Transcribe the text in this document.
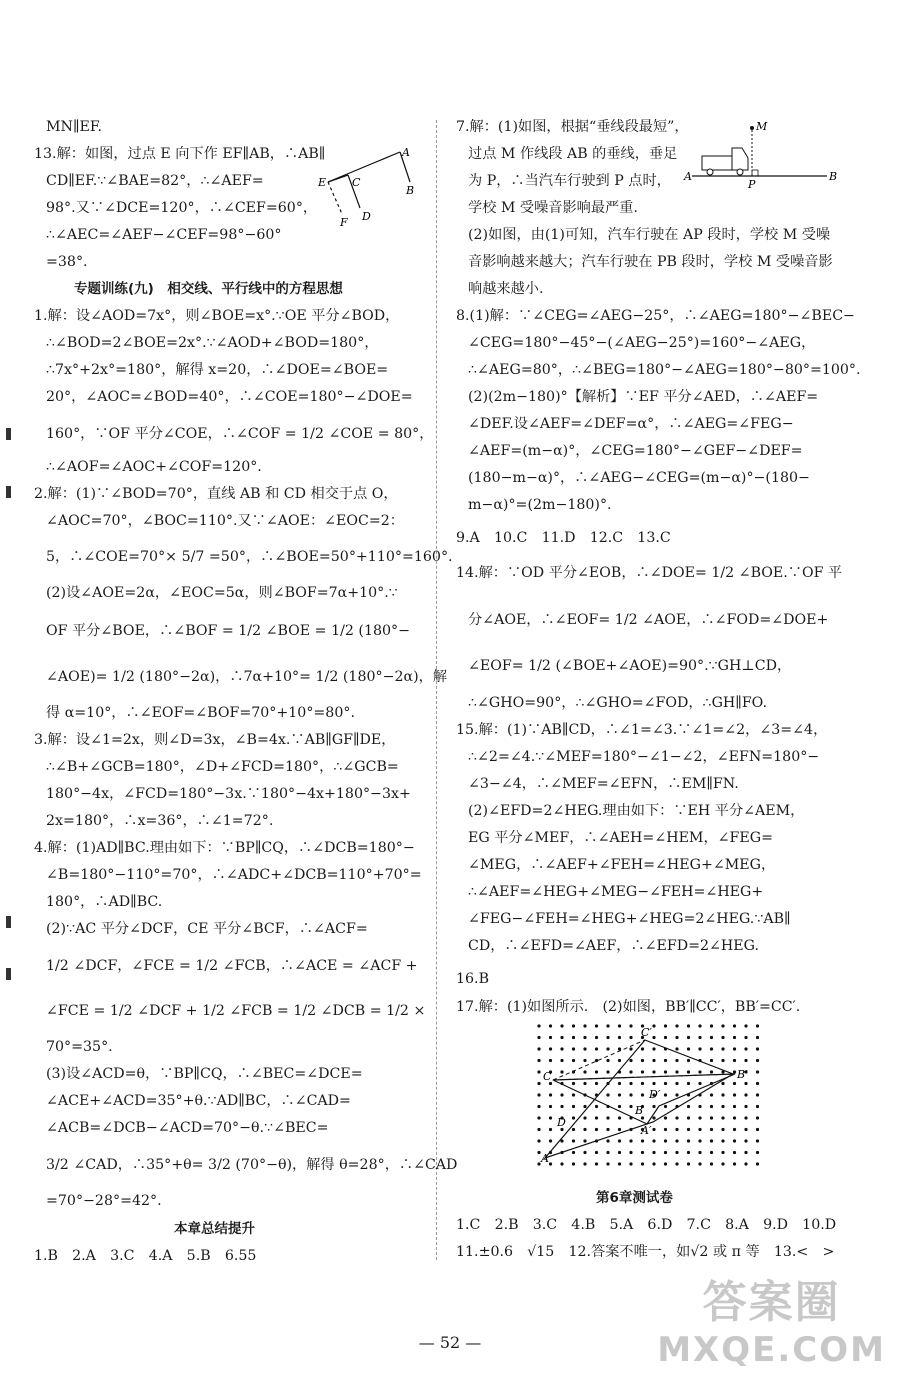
MN∥EF.
13.解：如图，过点 E 向下作 EF∥AB，∴AB∥
CD∥EF.∵∠BAE=82°，∴∠AEF=
98°.又∵∠DCE=120°，∴∠CEF=60°，
∴∠AEC=∠AEF−∠CEF=98°−60°
=38°.
专题训练(九)　相交线、平行线中的方程思想
1.解：设∠AOD=7x°，则∠BOE=x°.∵OE 平分∠BOD，
∴∠BOD=2∠BOE=2x°.∵∠AOD+∠BOD=180°，
∴7x°+2x°=180°，解得 x=20，∴∠DOE=∠BOE=
20°，∠AOC=∠BOD=40°，∴∠COE=180°−∠DOE=
160°，∵OF 平分∠COE，∴∠COF = 1/2 ∠COE = 80°，
∴∠AOF=∠AOC+∠COF=120°.
2.解：(1)∵∠BOD=70°，直线 AB 和 CD 相交于点 O，
∠AOC=70°，∠BOC=110°.又∵∠AOE：∠EOC=2：
5，∴∠COE=70°× 5/7 =50°，∴∠BOE=50°+110°=160°.
(2)设∠AOE=2α，∠EOC=5α，则∠BOF=7α+10°.∵
OF 平分∠BOE，∴∠BOF = 1/2 ∠BOE = 1/2 (180°−
∠AOE)= 1/2 (180°−2α)，∴7α+10°= 1/2 (180°−2α)，解
得 α=10°，∴∠EOF=∠BOF=70°+10°=80°.
3.解：设∠1=2x，则∠D=3x，∠B=4x.∵AB∥GF∥DE，
∴∠B+∠GCB=180°，∠D+∠FCD=180°，∴∠GCB=
180°−4x，∠FCD=180°−3x.∵180°−4x+180°−3x+
2x=180°，∴x=36°，∴∠1=72°.
4.解：(1)AD∥BC.理由如下：∵BP∥CQ，∴∠DCB=180°−
∠B=180°−110°=70°，∴∠ADC+∠DCB=110°+70°=
180°，∴AD∥BC.
(2)∵AC 平分∠DCF，CE 平分∠BCF，∴∠ACF=
1/2 ∠DCF，∠FCE = 1/2 ∠FCB，∴∠ACE = ∠ACF +
∠FCE = 1/2 ∠DCF + 1/2 ∠FCB = 1/2 ∠DCB = 1/2 ×
70°=35°.
(3)设∠ACD=θ，∵BP∥CQ，∴∠BEC=∠DCE=
∠ACE+∠ACD=35°+θ.∵AD∥BC，∴∠CAD=
∠ACB=∠DCB−∠ACD=70°−θ.∵∠BEC=
3/2 ∠CAD，∴35°+θ= 3/2 (70°−θ)，解得 θ=28°，∴∠CAD
=70°−28°=42°.
本章总结提升
1.B　2.A　3.C　4.A　5.B　6.55
7.解：(1)如图，根据“垂线段最短”，
过点 M 作线段 AB 的垂线，垂足
为 P，∴当汽车行驶到 P 点时，
学校 M 受噪音影响最严重.
(2)如图，由(1)可知，汽车行驶在 AP 段时，学校 M 受噪
音影响越来越大；汽车行驶在 PB 段时，学校 M 受噪音影
响越来越小.
8.(1)解：∵∠CEG=∠AEG−25°，∴∠AEG=180°−∠BEC−
∠CEG=180°−45°−(∠AEG−25°)=160°−∠AEG，
∴∠AEG=80°，∴∠BEG=180°−∠AEG=180°−80°=100°.
(2)(2m−180)°【解析】∵EF 平分∠AED，∴∠AEF=
∠DEF.设∠AEF=∠DEF=α°，∴∠AEG=∠FEG−
∠AEF=(m−α)°，∠CEG=180°−∠GEF−∠DEF=
(180−m−α)°，∴∠AEG−∠CEG=(m−α)°−(180−
m−α)°=(2m−180)°.
9.A　10.C　11.D　12.C　13.C
14.解：∵OD 平分∠EOB，∴∠DOE= 1/2 ∠BOE.∵OF 平
分∠AOE，∴∠EOF= 1/2 ∠AOE，∴∠FOD=∠DOE+
∠EOF= 1/2 (∠BOE+∠AOE)=90°.∵GH⊥CD，
∴∠GHO=90°，∴∠GHO=∠FOD，∴GH∥FO.
15.解：(1)∵AB∥CD，∴∠1=∠3.∵∠1=∠2，∠3=∠4，
∴∠2=∠4.∵∠MEF=180°−∠1−∠2，∠EFN=180°−
∠3−∠4，∴∠MEF=∠EFN，∴EM∥FN.
(2)∠EFD=2∠HEG.理由如下：∵EH 平分∠AEM，
EG 平分∠MEF，∴∠AEH=∠HEM，∠FEG=
∠MEG，∴∠AEF+∠FEH=∠HEG+∠MEG，
∴∠AEF=∠HEG+∠MEG−∠FEH=∠HEG+
∠FEG−∠FEH=∠HEG+∠HEG=2∠HEG.∵AB∥
CD，∴∠EFD=∠AEF，∴∠EFD=2∠HEG.
16.B
17.解：(1)如图所示.　(2)如图，BB′∥CC′，BB′=CC′.
第6章测试卷
1.C　2.B　3.C　4.B　5.A　6.D　7.C　8.A　9.D　10.D
11.±0.6　√15　12.答案不唯一，如√2 或 π 等　13.<　>
A
B
C
D
E
F
M
A
P
B
C′
C
B
B′
D
D′
A
A′
— 52 —
答案圈
MXQE.COM
